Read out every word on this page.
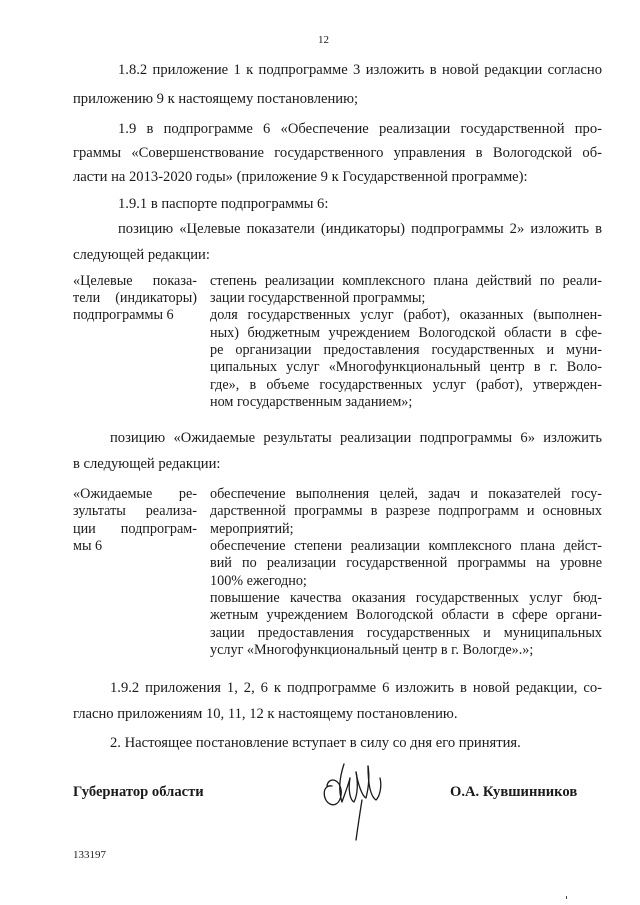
12
1.8.2 приложение 1 к подпрограмме 3 изложить в новой редакции согласно
приложению 9 к настоящему постановлению;
1.9 в подпрограмме 6 «Обеспечение реализации государственной про-
граммы «Совершенствование государственного управления в Вологодской об-
ласти на 2013-2020 годы» (приложение 9 к Государственной программе):
1.9.1 в паспорте подпрограммы 6:
позицию «Целевые показатели (индикаторы) подпрограммы 2» изложить в
следующей редакции:
«Целевые показа-
тели (индикаторы)
подпрограммы 6
степень реализации комплексного плана действий по реали-
зации государственной программы;
доля государственных услуг (работ), оказанных (выполнен-
ных) бюджетным учреждением Вологодской области в сфе-
ре организации предоставления государственных и муни-
ципальных услуг «Многофункциональный центр в г. Воло-
где», в объеме государственных услуг (работ), утвержден-
ном государственным заданием»;
позицию «Ожидаемые результаты реализации подпрограммы 6» изложить
в следующей редакции:
«Ожидаемые ре-
зультаты реализа-
ции подпрограм-
мы 6
обеспечение выполнения целей, задач и показателей госу-
дарственной программы в разрезе подпрограмм и основных
мероприятий;
обеспечение степени реализации комплексного плана дейст-
вий по реализации государственной программы на уровне
100% ежегодно;
повышение качества оказания государственных услуг бюд-
жетным учреждением Вологодской области в сфере органи-
зации предоставления государственных и муниципальных
услуг «Многофункциональный центр в г. Вологде».»;
1.9.2 приложения 1, 2, 6 к подпрограмме 6 изложить в новой редакции, со-
гласно приложениям 10, 11, 12 к настоящему постановлению.
2. Настоящее постановление вступает в силу со дня его принятия.
Губернатор области	О.А. Кувшинников
133197
